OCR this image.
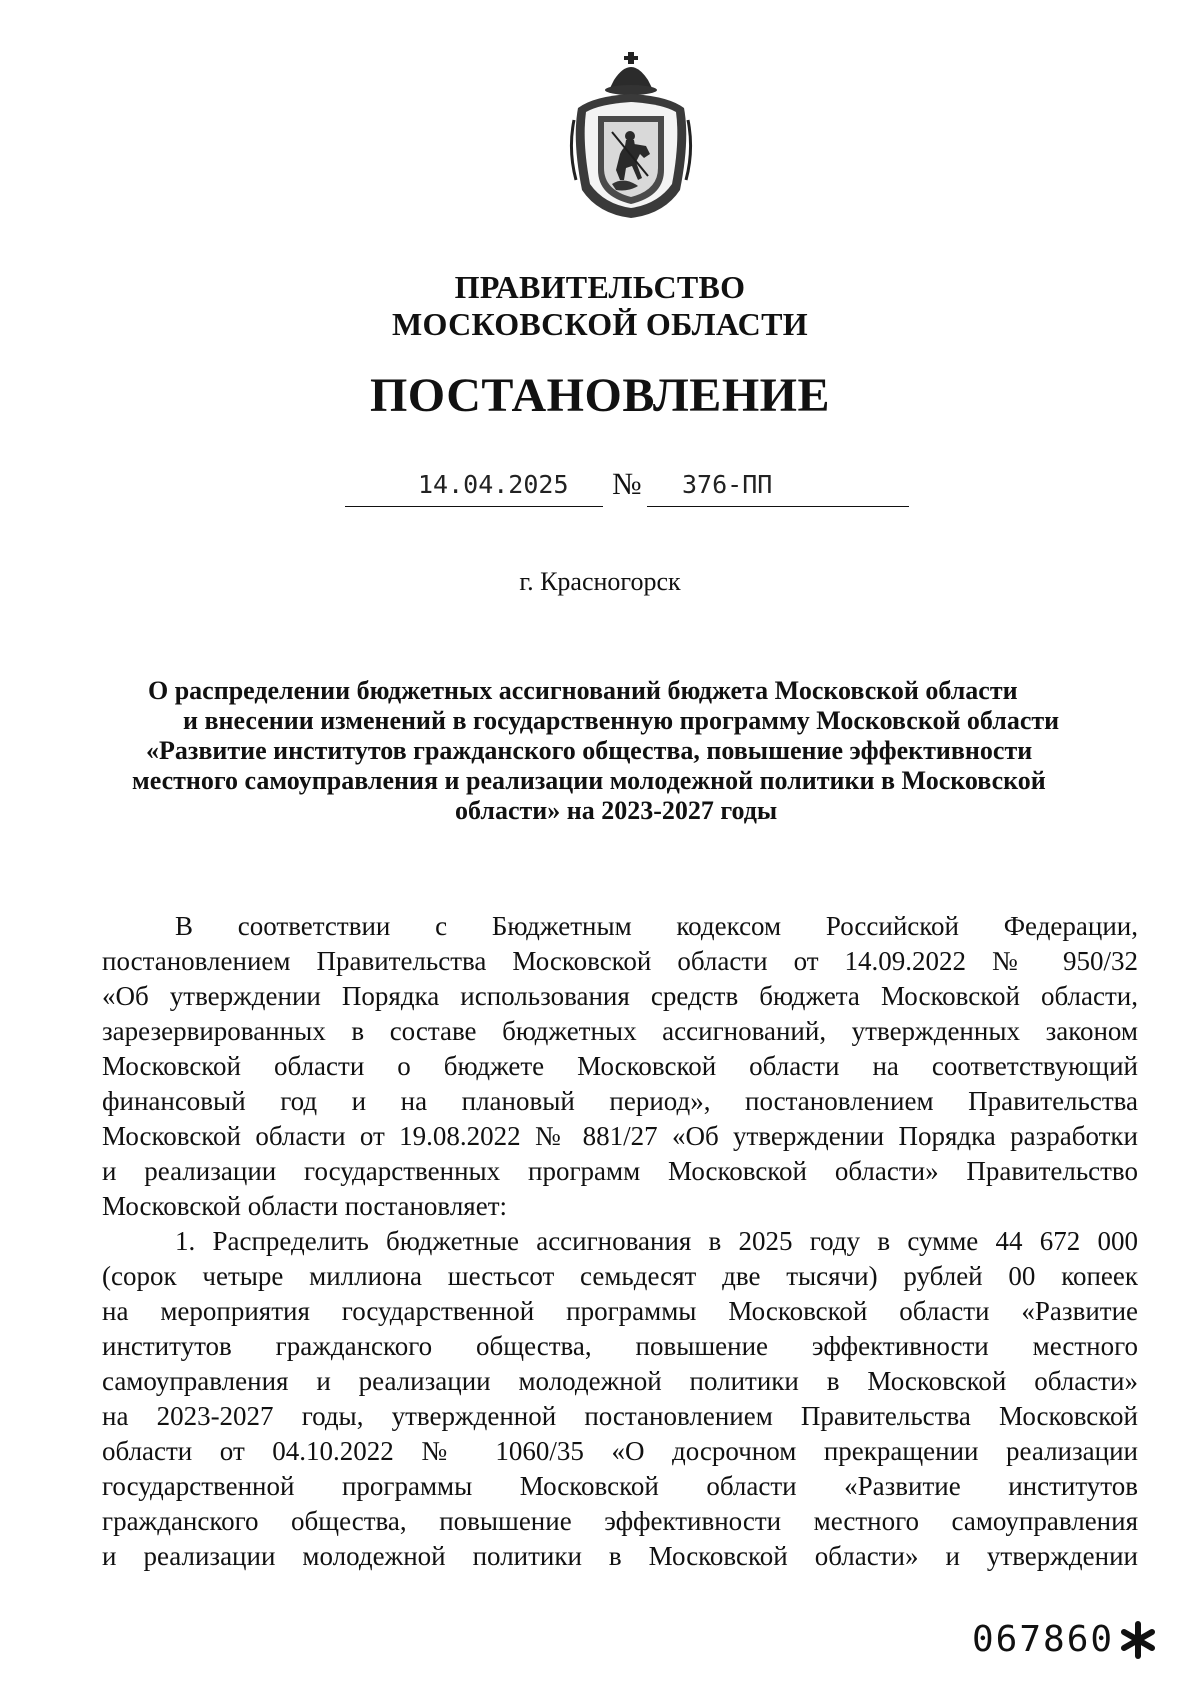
ПРАВИТЕЛЬСТВО
МОСКОВСКОЙ ОБЛАСТИ
ПОСТАНОВЛЕНИЕ
14.04.2025 № 376-ПП
г. Красногорск
О распределении бюджетных ассигнований бюджета Московской области
и внесении изменений в государственную программу Московской области
«Развитие институтов гражданского общества, повышение эффективности
местного самоуправления и реализации молодежной политики в Московской
области» на 2023-2027 годы
В соответствии с Бюджетным кодексом Российской Федерации,
постановлением Правительства Московской области от 14.09.2022 № 950/32
«Об утверждении Порядка использования средств бюджета Московской области,
зарезервированных в составе бюджетных ассигнований, утвержденных законом
Московской области о бюджете Московской области на соответствующий
финансовый год и на плановый период», постановлением Правительства
Московской области от 19.08.2022 № 881/27 «Об утверждении Порядка разработки
и реализации государственных программ Московской области» Правительство
Московской области постановляет:
1. Распределить бюджетные ассигнования в 2025 году в сумме 44 672 000
(сорок четыре миллиона шестьсот семьдесят две тысячи) рублей 00 копеек
на мероприятия государственной программы Московской области «Развитие
институтов гражданского общества, повышение эффективности местного
самоуправления и реализации молодежной политики в Московской области»
на 2023-2027 годы, утвержденной постановлением Правительства Московской
области от 04.10.2022 № 1060/35 «О досрочном прекращении реализации
государственной программы Московской области «Развитие институтов
гражданского общества, повышение эффективности местного самоуправления
и реализации молодежной политики в Московской области» и утверждении
067860
